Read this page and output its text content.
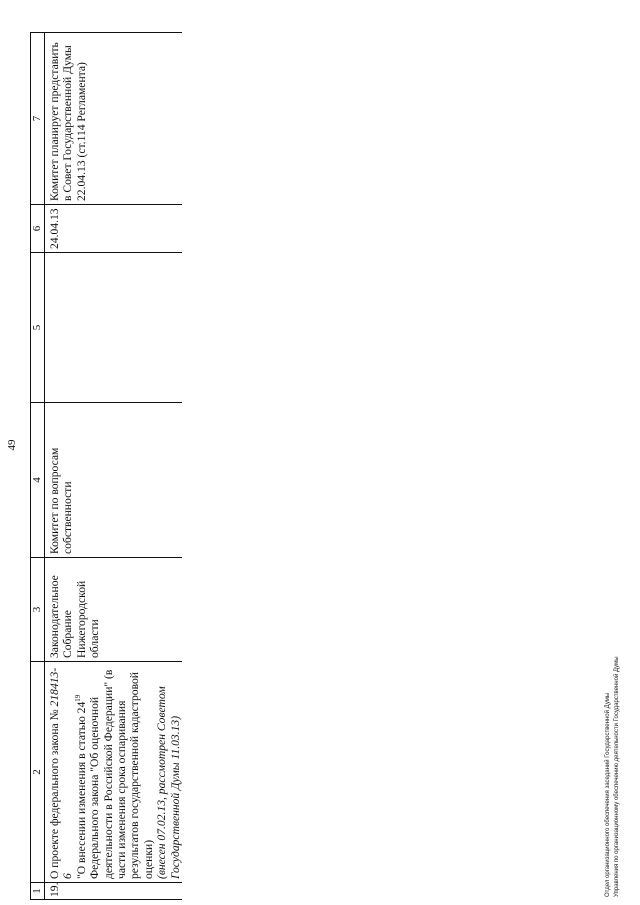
49
1	2	3	4	5	6	7

19.	О проекте федерального закона № 218413-6
"О внесении изменения в статью $24^{19}$ Федерального закона "Об оценочной деятельности в Российской Федерации" (в части изменения срока оспаривания результатов государственной кадастровой оценки)
(внесен 07.02.13, рассмотрен Советом Государственной Думы 11.03.13)	Законодательное Собрание Нижегородской области	Комитет по вопросам собственности		24.04.13	Комитет планирует представить в Совет Государственной Думы 22.04.13 (ст.114 Регламента)
Отдел организационного обеспечения заседаний Государственной Думы Управления по организационному обеспечению деятельности Государственной Думы
